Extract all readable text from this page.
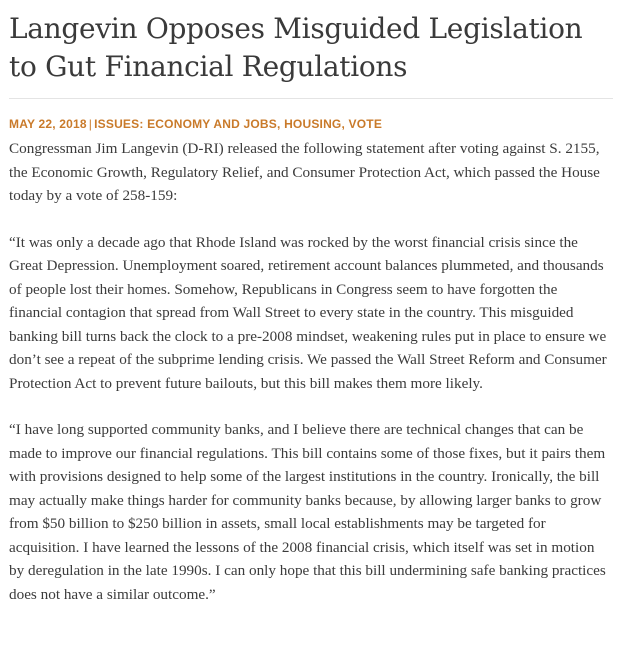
Langevin Opposes Misguided Legislation to Gut Financial Regulations
MAY 22, 2018 | ISSUES: ECONOMY AND JOBS, HOUSING, VOTE

Congressman Jim Langevin (D-RI) released the following statement after voting against S. 2155, the Economic Growth, Regulatory Relief, and Consumer Protection Act, which passed the House today by a vote of 258-159:

“It was only a decade ago that Rhode Island was rocked by the worst financial crisis since the Great Depression. Unemployment soared, retirement account balances plummeted, and thousands of people lost their homes. Somehow, Republicans in Congress seem to have forgotten the financial contagion that spread from Wall Street to every state in the country. This misguided banking bill turns back the clock to a pre-2008 mindset, weakening rules put in place to ensure we don’t see a repeat of the subprime lending crisis. We passed the Wall Street Reform and Consumer Protection Act to prevent future bailouts, but this bill makes them more likely.

“I have long supported community banks, and I believe there are technical changes that can be made to improve our financial regulations. This bill contains some of those fixes, but it pairs them with provisions designed to help some of the largest institutions in the country. Ironically, the bill may actually make things harder for community banks because, by allowing larger banks to grow from $50 billion to $250 billion in assets, small local establishments may be targeted for acquisition. I have learned the lessons of the 2008 financial crisis, which itself was set in motion by deregulation in the late 1990s. I can only hope that this bill undermining safe banking practices does not have a similar outcome.”
